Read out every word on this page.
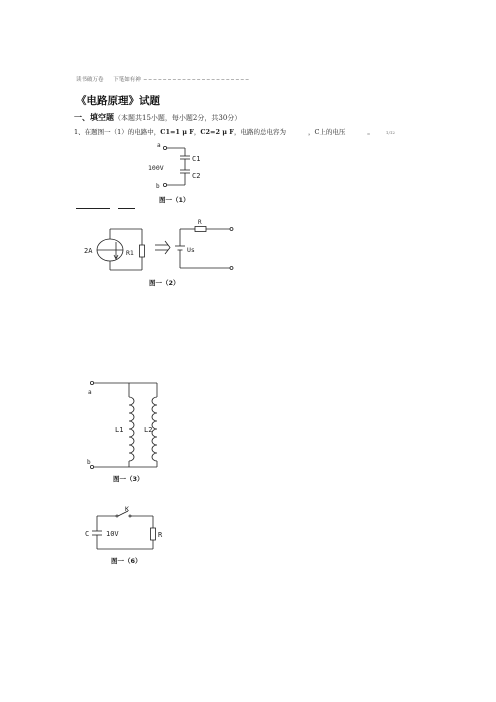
读书破万卷 下笔如有神 ‒ ‒ ‒ ‒ ‒ ‒ ‒ ‒ ‒ ‒ ‒ ‒ ‒ ‒ ‒ ‒ ‒ ‒ ‒ ‒ ‒ ‒
《电路原理》试题
一、填空题（本题共15小题，每小题2分，共30分）
1、在题图一（1）的电路中，C1=1 μ F，C2=2 μ F，电路的总电容为	，C上的电压	。	1/12
a
b
100V
C1
C2
图一（1）
2A	R1
R
Us
图一（2）
a
b
L1	L2
图一（3）
K
C 10V	R
图一（6）
